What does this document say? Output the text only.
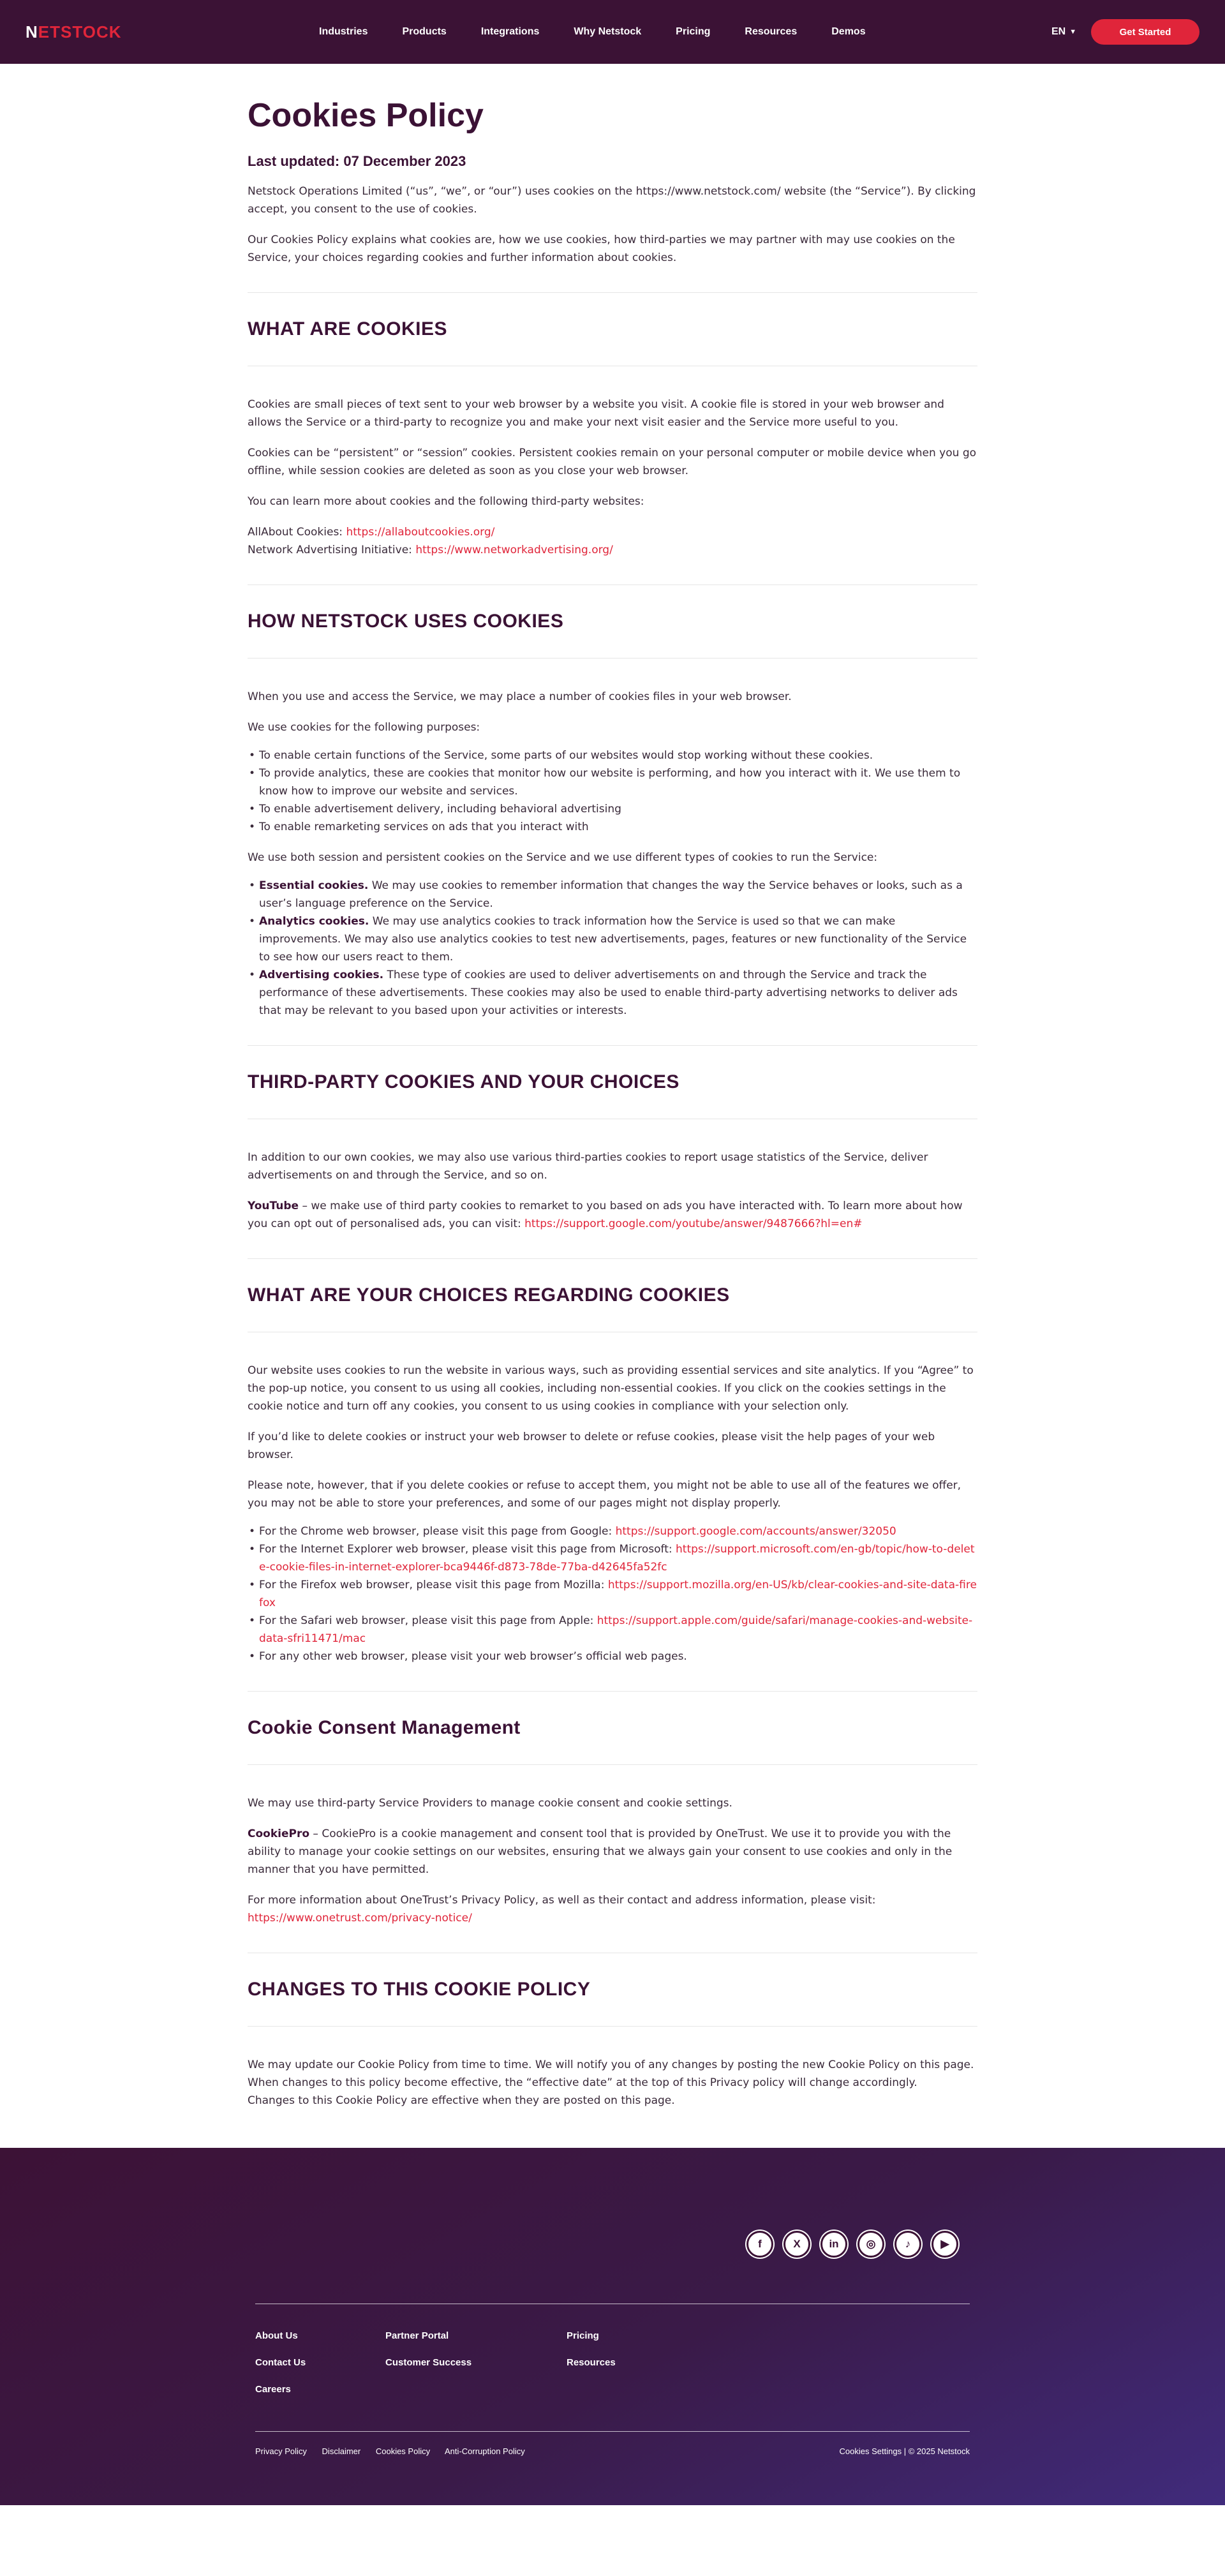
NETSTOCK	Industries	Products	Integrations	Why Netstock	Pricing	Resources	Demos	EN ▼	Get Started
Cookies Policy
Last updated: 07 December 2023

Netstock Operations Limited (“us”, “we”, or “our”) uses cookies on the https://www.netstock.com/ website (the “Service”). By clicking accept, you consent to the use of cookies.

Our Cookies Policy explains what cookies are, how we use cookies, how third-parties we may partner with may use cookies on the Service, your choices regarding cookies and further information about cookies.

WHAT ARE COOKIES

Cookies are small pieces of text sent to your web browser by a website you visit. A cookie file is stored in your web browser and allows the Service or a third-party to recognize you and make your next visit easier and the Service more useful to you.

Cookies can be “persistent” or “session” cookies. Persistent cookies remain on your personal computer or mobile device when you go offline, while session cookies are deleted as soon as you close your web browser.

You can learn more about cookies and the following third-party websites:

AllAbout Cookies: https://allaboutcookies.org/
Network Advertising Initiative: https://www.networkadvertising.org/

HOW NETSTOCK USES COOKIES

When you use and access the Service, we may place a number of cookies files in your web browser.

We use cookies for the following purposes:

• To enable certain functions of the Service, some parts of our websites would stop working without these cookies.
• To provide analytics, these are cookies that monitor how our website is performing, and how you interact with it. We use them to know how to improve our website and services.
• To enable advertisement delivery, including behavioral advertising
• To enable remarketing services on ads that you interact with

We use both session and persistent cookies on the Service and we use different types of cookies to run the Service:

• Essential cookies. We may use cookies to remember information that changes the way the Service behaves or looks, such as a user’s language preference on the Service.
• Analytics cookies. We may use analytics cookies to track information how the Service is used so that we can make improvements. We may also use analytics cookies to test new advertisements, pages, features or new functionality of the Service to see how our users react to them.
• Advertising cookies. These type of cookies are used to deliver advertisements on and through the Service and track the performance of these advertisements. These cookies may also be used to enable third-party advertising networks to deliver ads that may be relevant to you based upon your activities or interests.
THIRD-PARTY COOKIES AND YOUR CHOICES

In addition to our own cookies, we may also use various third-parties cookies to report usage statistics of the Service, deliver advertisements on and through the Service, and so on.

YouTube – we make use of third party cookies to remarket to you based on ads you have interacted with. To learn more about how you can opt out of personalised ads, you can visit: https://support.google.com/youtube/answer/9487666?hl=en#

WHAT ARE YOUR CHOICES REGARDING COOKIES

Our website uses cookies to run the website in various ways, such as providing essential services and site analytics. If you “Agree” to the pop-up notice, you consent to us using all cookies, including non-essential cookies. If you click on the cookies settings in the cookie notice and turn off any cookies, you consent to us using cookies in compliance with your selection only.

If you’d like to delete cookies or instruct your web browser to delete or refuse cookies, please visit the help pages of your web browser.

Please note, however, that if you delete cookies or refuse to accept them, you might not be able to use all of the features we offer, you may not be able to store your preferences, and some of our pages might not display properly.

• For the Chrome web browser, please visit this page from Google: https://support.google.com/accounts/answer/32050
• For the Internet Explorer web browser, please visit this page from Microsoft: https://support.microsoft.com/en-gb/topic/how-to-delete-cookie-files-in-internet-explorer-bca9446f-d873-78de-77ba-d42645fa52fc
• For the Firefox web browser, please visit this page from Mozilla: https://support.mozilla.org/en-US/kb/clear-cookies-and-site-data-firefox
• For the Safari web browser, please visit this page from Apple: https://support.apple.com/guide/safari/manage-cookies-and-website-data-sfri11471/mac
• For any other web browser, please visit your web browser’s official web pages.
Cookie Consent Management

We may use third-party Service Providers to manage cookie consent and cookie settings.

CookiePro – CookiePro is a cookie management and consent tool that is provided by OneTrust. We use it to provide you with the ability to manage your cookie settings on our websites, ensuring that we always gain your consent to use cookies and only in the manner that you have permitted.

For more information about OneTrust’s Privacy Policy, as well as their contact and address information, please visit:
https://www.onetrust.com/privacy-notice/

CHANGES TO THIS COOKIE POLICY

We may update our Cookie Policy from time to time. We will notify you of any changes by posting the new Cookie Policy on this page.
When changes to this policy become effective, the “effective date” at the top of this Privacy policy will change accordingly.
Changes to this Cookie Policy are effective when they are posted on this page.

f	X	in	◎	♪	▶
About Us
Contact Us
Careers
Partner Portal
Customer Success
Pricing
Resources
Privacy Policy Disclaimer Cookies Policy Anti-Corruption Policy	Cookies Settings | © 2025 Netstock
